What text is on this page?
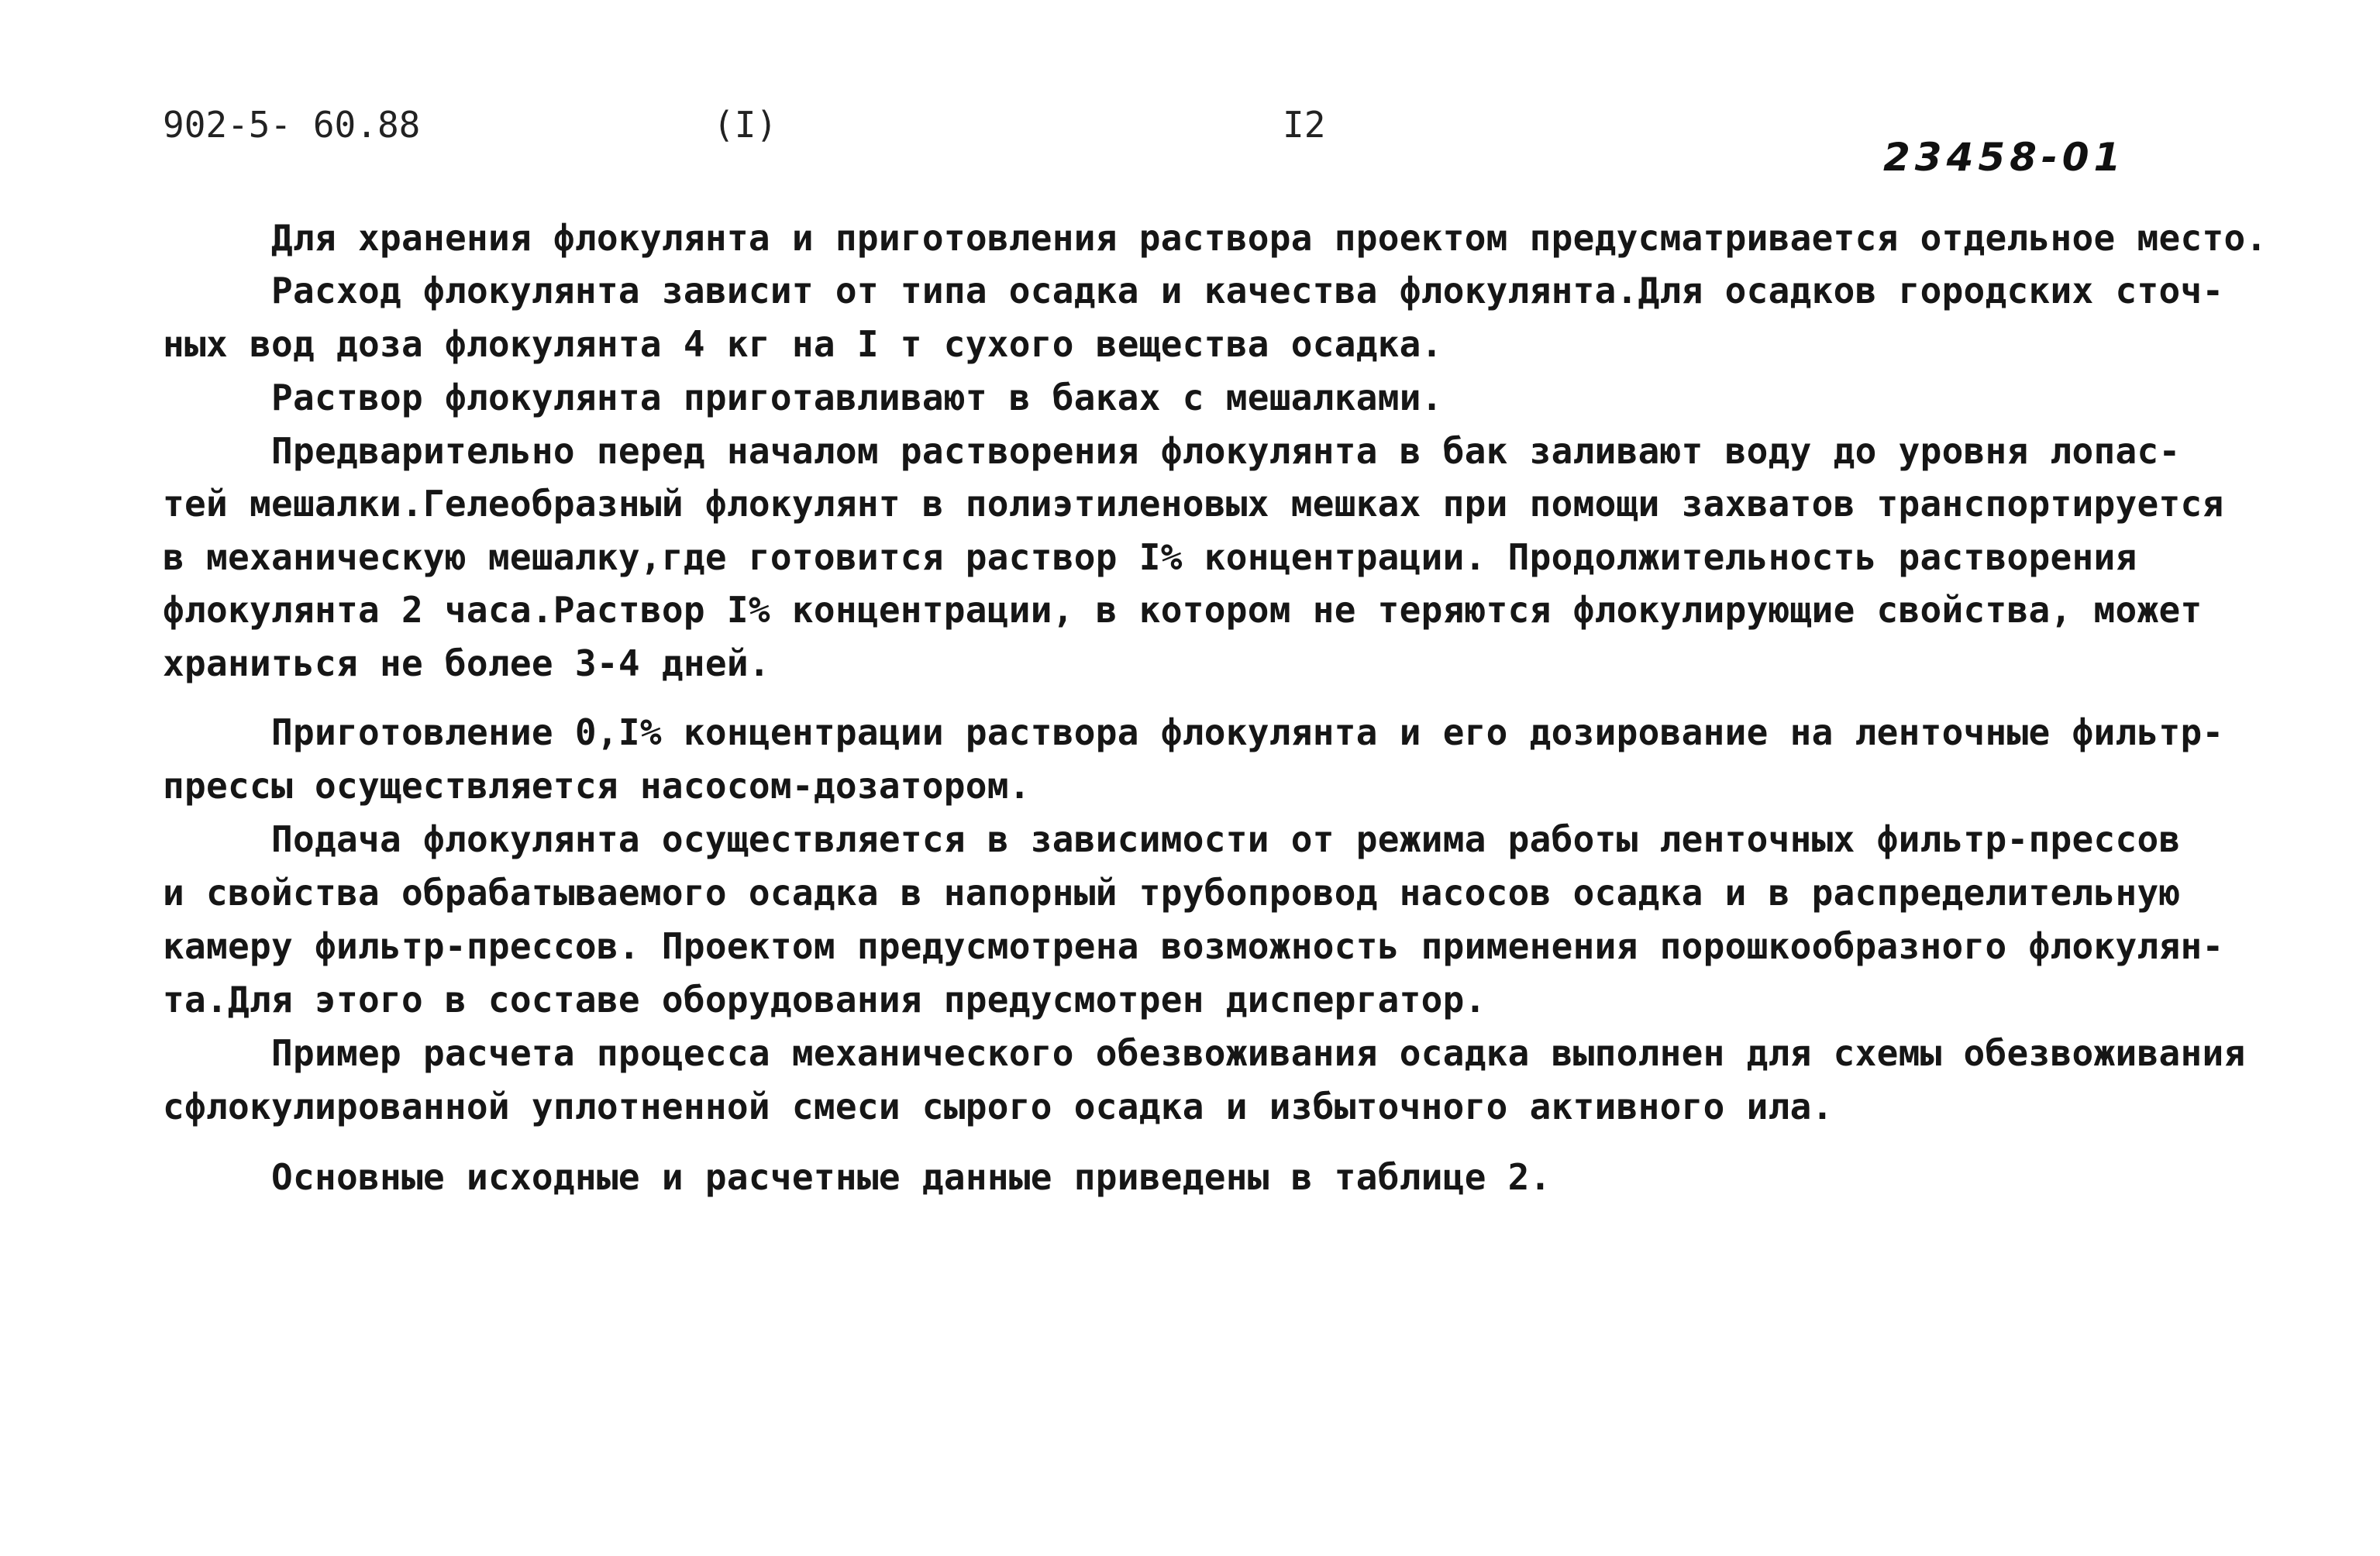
902-5- 60.88	(I)	I2
23458-01
Для хранения флокулянта и приготовления раствора проектом предусматривается отдельное место.
Расход флокулянта зависит от типа осадка и качества флокулянта.Для осадков городских сточ-
ных вод доза флокулянта 4 кг на I т сухого вещества осадка.
Раствор флокулянта приготавливают в баках с мешалками.
Предварительно перед началом растворения флокулянта в бак заливают воду до уровня лопас-
тей мешалки.Гелеобразный флокулянт в полиэтиленовых мешках при помощи захватов транспортируется
в механическую мешалку,где готовится раствор I% концентрации. Продолжительность растворения
флокулянта 2 часа.Раствор I% концентрации, в котором не теряются флокулирующие свойства, может
храниться не более 3-4 дней.
Приготовление 0,I% концентрации раствора флокулянта и его дозирование на ленточные фильтр-
прессы осуществляется насосом-дозатором.
Подача флокулянта осуществляется в зависимости от режима работы ленточных фильтр-прессов
и свойства обрабатываемого осадка в напорный трубопровод насосов осадка и в распределительную
камеру фильтр-прессов. Проектом предусмотрена возможность применения порошкообразного флокулян-
та.Для этого в составе оборудования предусмотрен диспергатор.
Пример расчета процесса механического обезвоживания осадка выполнен для схемы обезвоживания
сфлокулированной уплотненной смеси сырого осадка и избыточного активного ила.
Основные исходные и расчетные данные приведены в таблице 2.
